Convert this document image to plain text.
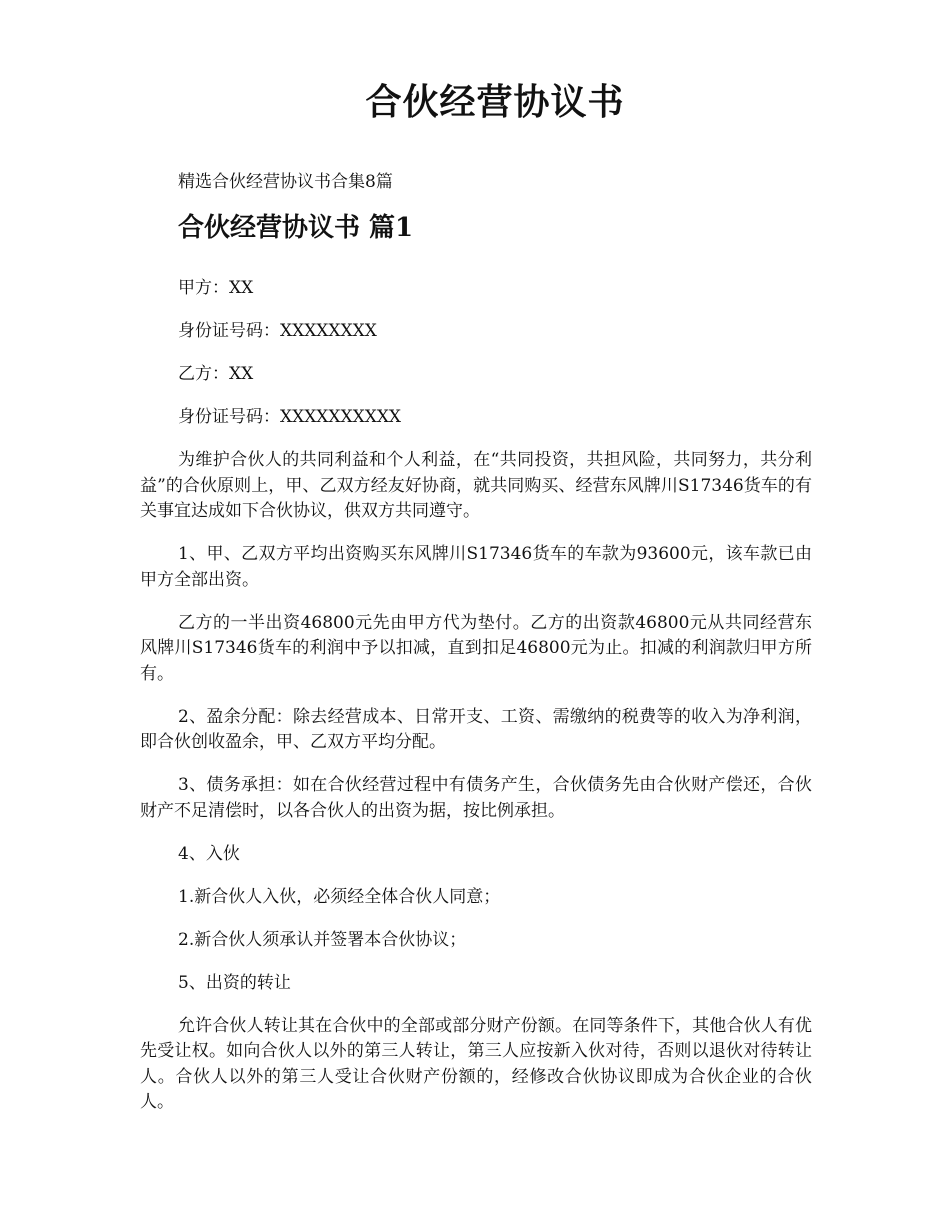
合伙经营协议书

精选合伙经营协议书合集8篇

合伙经营协议书 篇1

甲方：XX

身份证号码：XXXXXXXX

乙方：XX

身份证号码：XXXXXXXXXX

为维护合伙人的共同利益和个人利益，在“共同投资，共担风险，共同努力，共分利益”的合伙原则上，甲、乙双方经友好协商，就共同购买、经营东风牌川S17346货车的有关事宜达成如下合伙协议，供双方共同遵守。

1、甲、乙双方平均出资购买东风牌川S17346货车的车款为93600元，该车款已由甲方全部出资。

乙方的一半出资46800元先由甲方代为垫付。乙方的出资款46800元从共同经营东风牌川S17346货车的利润中予以扣减，直到扣足46800元为止。扣减的利润款归甲方所有。

2、盈余分配：除去经营成本、日常开支、工资、需缴纳的税费等的收入为净利润，即合伙创收盈余，甲、乙双方平均分配。

3、债务承担：如在合伙经营过程中有债务产生，合伙债务先由合伙财产偿还，合伙财产不足清偿时，以各合伙人的出资为据，按比例承担。

4、入伙

1.新合伙人入伙，必须经全体合伙人同意；

2.新合伙人须承认并签署本合伙协议；

5、出资的转让

允许合伙人转让其在合伙中的全部或部分财产份额。在同等条件下，其他合伙人有优先受让权。如向合伙人以外的第三人转让，第三人应按新入伙对待，否则以退伙对待转让人。合伙人以外的第三人受让合伙财产份额的，经修改合伙协议即成为合伙企业的合伙人。
